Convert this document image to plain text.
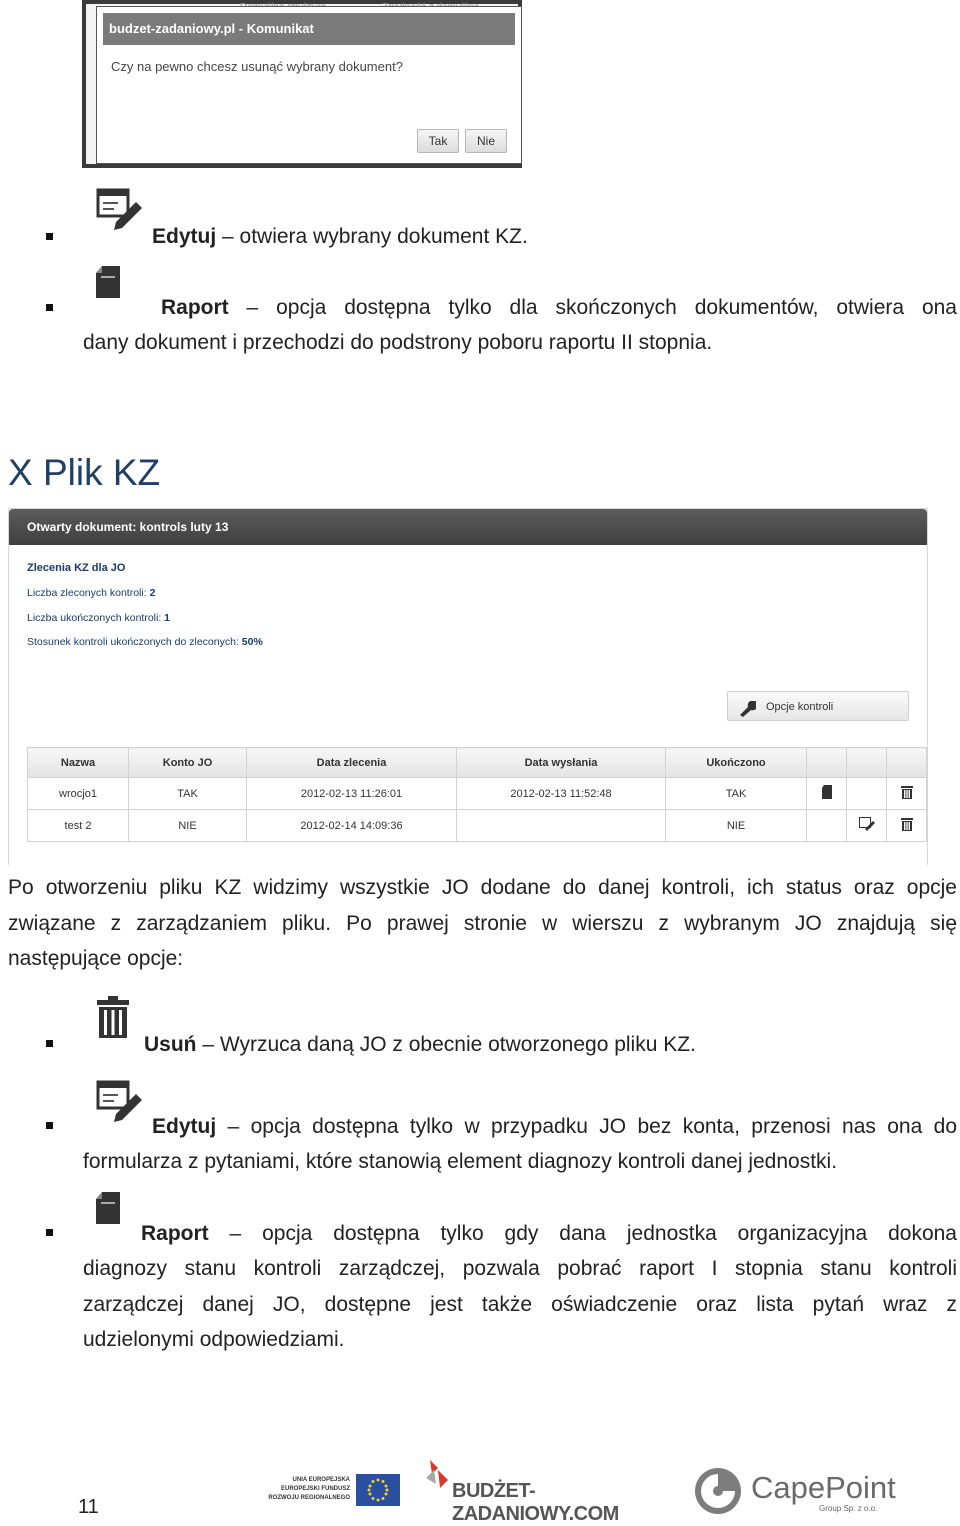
budzet-zadaniowy.pl - Komunikat
Czy na pewno chcesz usunąć wybrany dokument?
Tak	Nie
Edytuj – otwiera wybrany dokument KZ.
Raport – opcja dostępna tylko dla skończonych dokumentów, otwiera ona
dany dokument i przechodzi do podstrony poboru raportu II stopnia.
X Plik KZ
Otwarty dokument: kontrols luty 13
Zlecenia KZ dla JO
Liczba zleconych kontroli: 2
Liczba ukończonych kontroli: 1
Stosunek kontroli ukończonych do zleconych: 50%
Opcje kontroli
Nazwa	Konto JO	Data zlecenia	Data wysłania	Ukończono			
wrocjo1	TAK	2012-02-13 11:26:01	2012-02-13 11:52:48	TAK			
test 2	NIE	2012-02-14 14:09:36		NIE			
Po otworzeniu pliku KZ widzimy wszystkie JO dodane do danej kontroli, ich status oraz opcje
związane z zarządzaniem pliku. Po prawej stronie w wierszu z wybranym JO znajdują się
następujące opcje:
Usuń – Wyrzuca daną JO z obecnie otworzonego pliku KZ.
Edytuj – opcja dostępna tylko w przypadku JO bez konta, przenosi nas ona do
formularza z pytaniami, które stanowią element diagnozy kontroli danej jednostki.
Raport – opcja dostępna tylko gdy dana jednostka organizacyjna dokona
diagnozy stanu kontroli zarządczej, pozwala pobrać raport I stopnia stanu kontroli
zarządczej danej JO, dostępne jest także oświadczenie oraz lista pytań wraz z
udzielonymi odpowiedziami.
11
UNIA EUROPEJSKA
EUROPEJSKI FUNDUSZ
ROZWOJU REGIONALNEGO	BUDŻET-ZADANIOWY.COM
CapePoint
Group Sp. z o.o.
